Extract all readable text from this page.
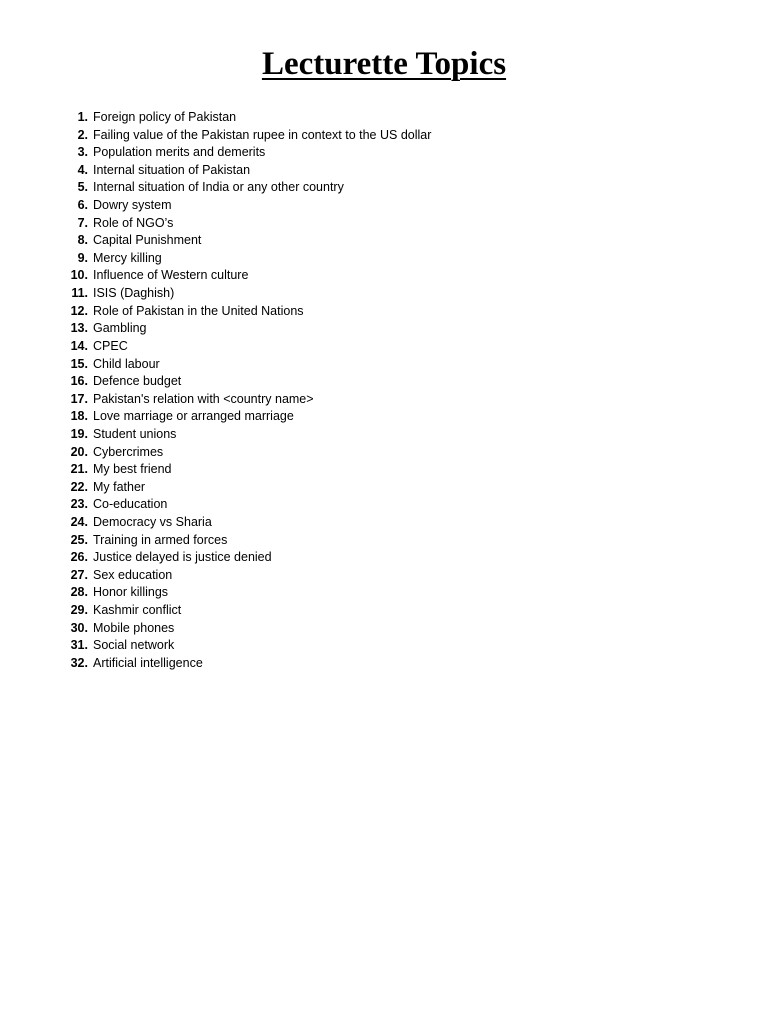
Lecturette Topics
1. Foreign policy of Pakistan
2. Failing value of the Pakistan rupee in context to the US dollar
3. Population merits and demerits
4. Internal situation of Pakistan
5. Internal situation of India or any other country
6. Dowry system
7. Role of NGO’s
8. Capital Punishment
9. Mercy killing
10. Influence of Western culture
11. ISIS (Daghish)
12. Role of Pakistan in the United Nations
13. Gambling
14. CPEC
15. Child labour
16. Defence budget
17. Pakistan's relation with <country name>
18. Love marriage or arranged marriage
19. Student unions
20. Cybercrimes
21. My best friend
22. My father
23. Co-education
24. Democracy vs Sharia
25. Training in armed forces
26. Justice delayed is justice denied
27. Sex education
28. Honor killings
29. Kashmir conflict
30. Mobile phones
31. Social network
32. Artificial intelligence
